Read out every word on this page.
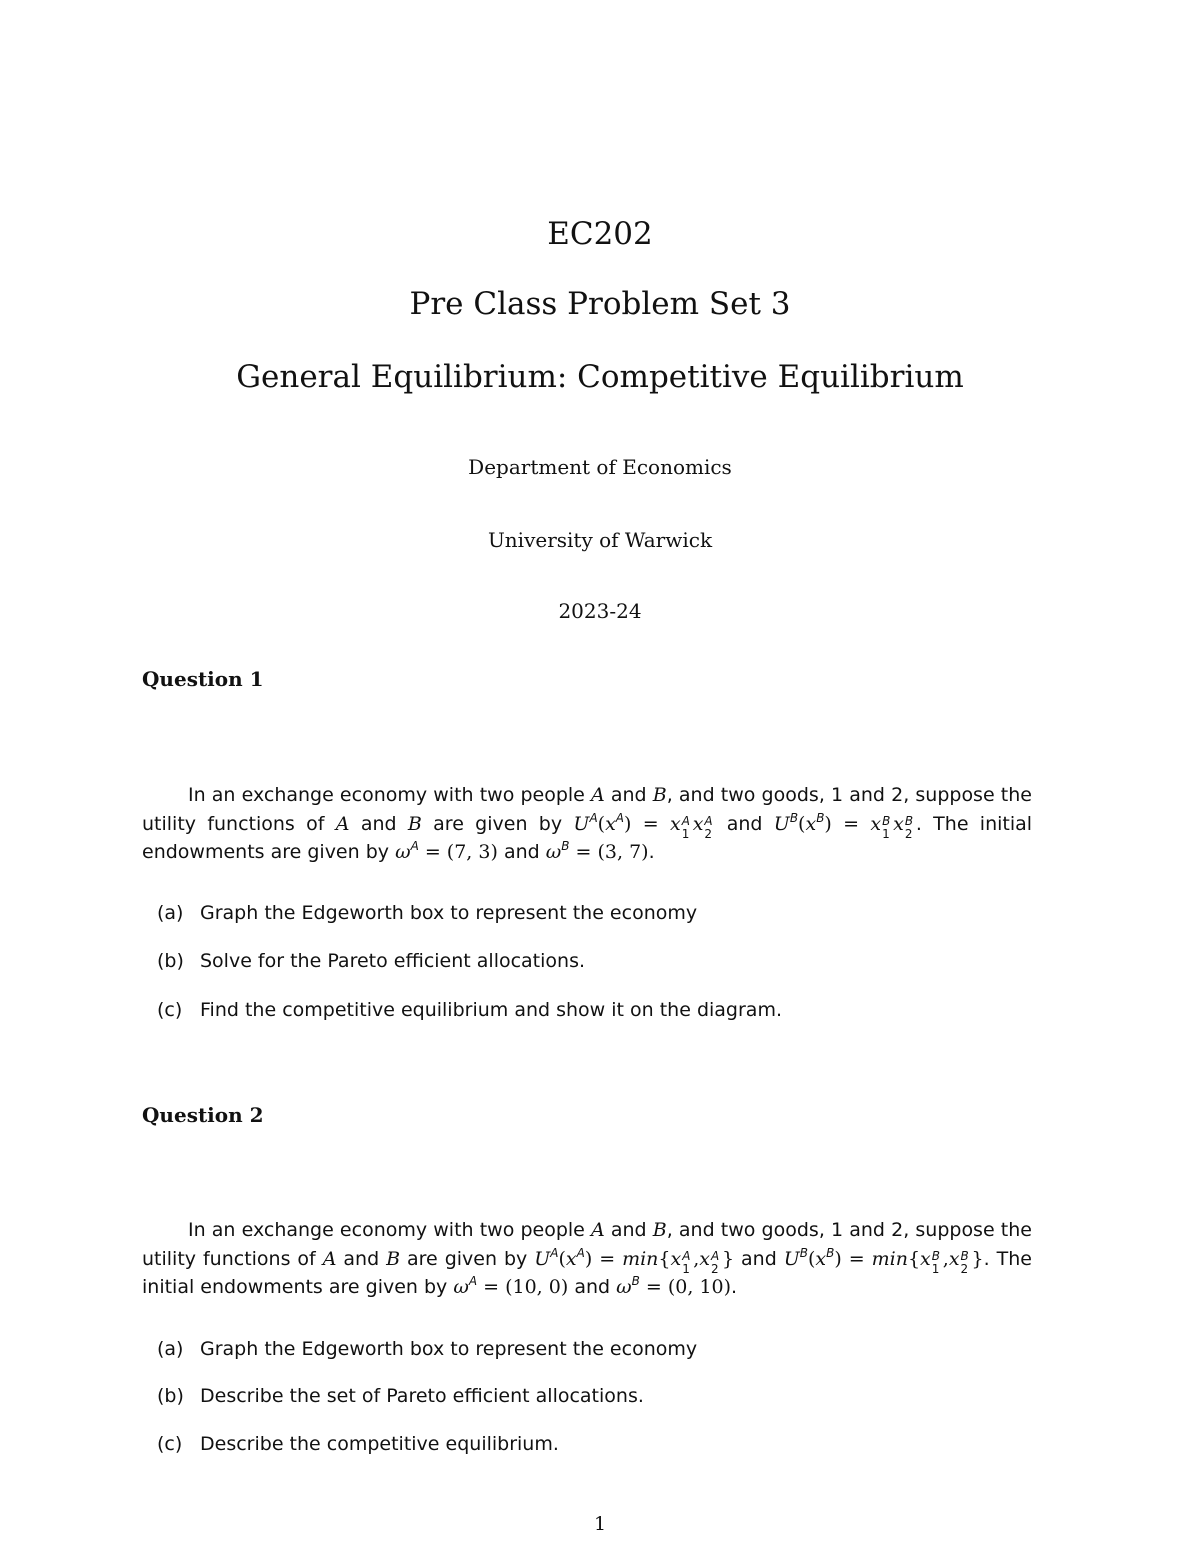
EC202
Pre Class Problem Set 3
General Equilibrium: Competitive Equilibrium
Department of Economics
University of Warwick
2023-24
Question 1
In an exchange economy with two people A and B, and two goods, 1 and 2, suppose the utility functions of A and B are given by $U^A(x^A) = x$ A
1 x A
2 and $U^B(x^B) = x$ B
1 x B
2 . The initial endowments are given by $\omega^A = (7$, 3) and $\omega^B = (3$, 7).
(a) Graph the Edgeworth box to represent the economy
(b) Solve for the Pareto efficient allocations.
(c) Find the competitive equilibrium and show it on the diagram.
Question 2
In an exchange economy with two people A and B, and two goods, 1 and 2, suppose the utility functions of A and B are given by $U^A(x^A) = \min\{x$ A
1 ,x A
2 } and $U^B(x^B) = \min\{x$ B
1 ,x B
2 }. The initial endowments are given by $\omega^A = (10$, 0) and $\omega^B = (0$, 10).
(a) Graph the Edgeworth box to represent the economy
(b) Describe the set of Pareto efficient allocations.
(c) Describe the competitive equilibrium.
1
